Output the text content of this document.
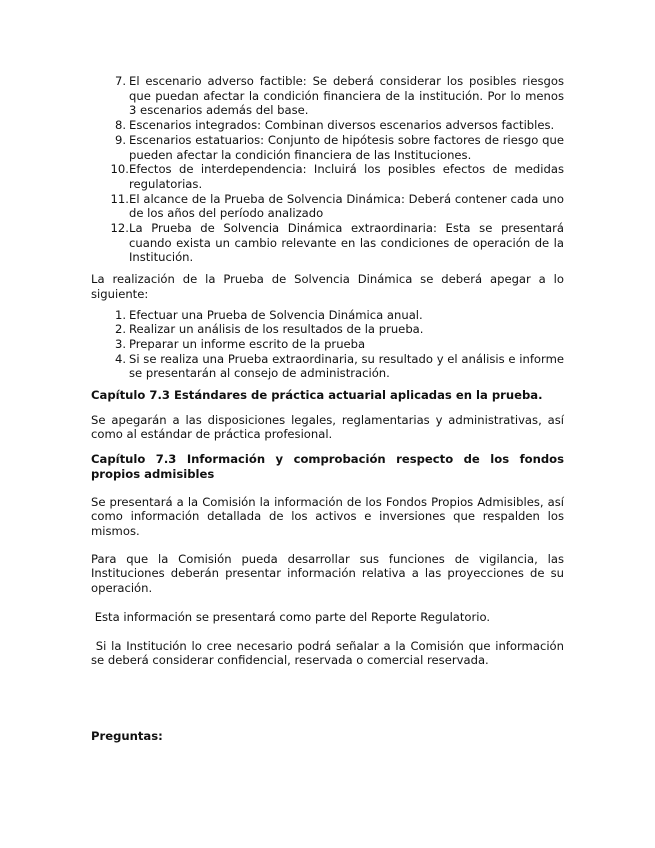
7. El escenario adverso factible: Se deberá considerar los posibles riesgos que puedan afectar la condición financiera de la institución. Por lo menos 3 escenarios además del base.
8. Escenarios integrados: Combinan diversos escenarios adversos factibles.
9. Escenarios estatuarios: Conjunto de hipótesis sobre factores de riesgo que pueden afectar la condición financiera de las Instituciones.
10. Efectos de interdependencia: Incluirá los posibles efectos de medidas regulatorias.
11. El alcance de la Prueba de Solvencia Dinámica: Deberá contener cada uno de los años del período analizado
12. La Prueba de Solvencia Dinámica extraordinaria: Esta se presentará cuando exista un cambio relevante en las condiciones de operación de la Institución.

La realización de la Prueba de Solvencia Dinámica se deberá apegar a lo siguiente:

1. Efectuar una Prueba de Solvencia Dinámica anual.
2. Realizar un análisis de los resultados de la prueba.
3. Preparar un informe escrito de la prueba
4. Si se realiza una Prueba extraordinaria, su resultado y el análisis e informe se presentarán al consejo de administración.
Capítulo 7.3 Estándares de práctica actuarial aplicadas en la prueba.

Se apegarán a las disposiciones legales, reglamentarias y administrativas, así como al estándar de práctica profesional.

Capítulo 7.3 Información y comprobación respecto de los fondos propios admisibles

Se presentará a la Comisión la información de los Fondos Propios Admisibles, así como información detallada de los activos e inversiones que respalden los mismos.

Para que la Comisión pueda desarrollar sus funciones de vigilancia, las Instituciones deberán presentar información relativa a las proyecciones de su operación.

Esta información se presentará como parte del Reporte Regulatorio.

Si la Institución lo cree necesario podrá señalar a la Comisión que información se deberá considerar confidencial, reservada o comercial reservada.

Preguntas:
